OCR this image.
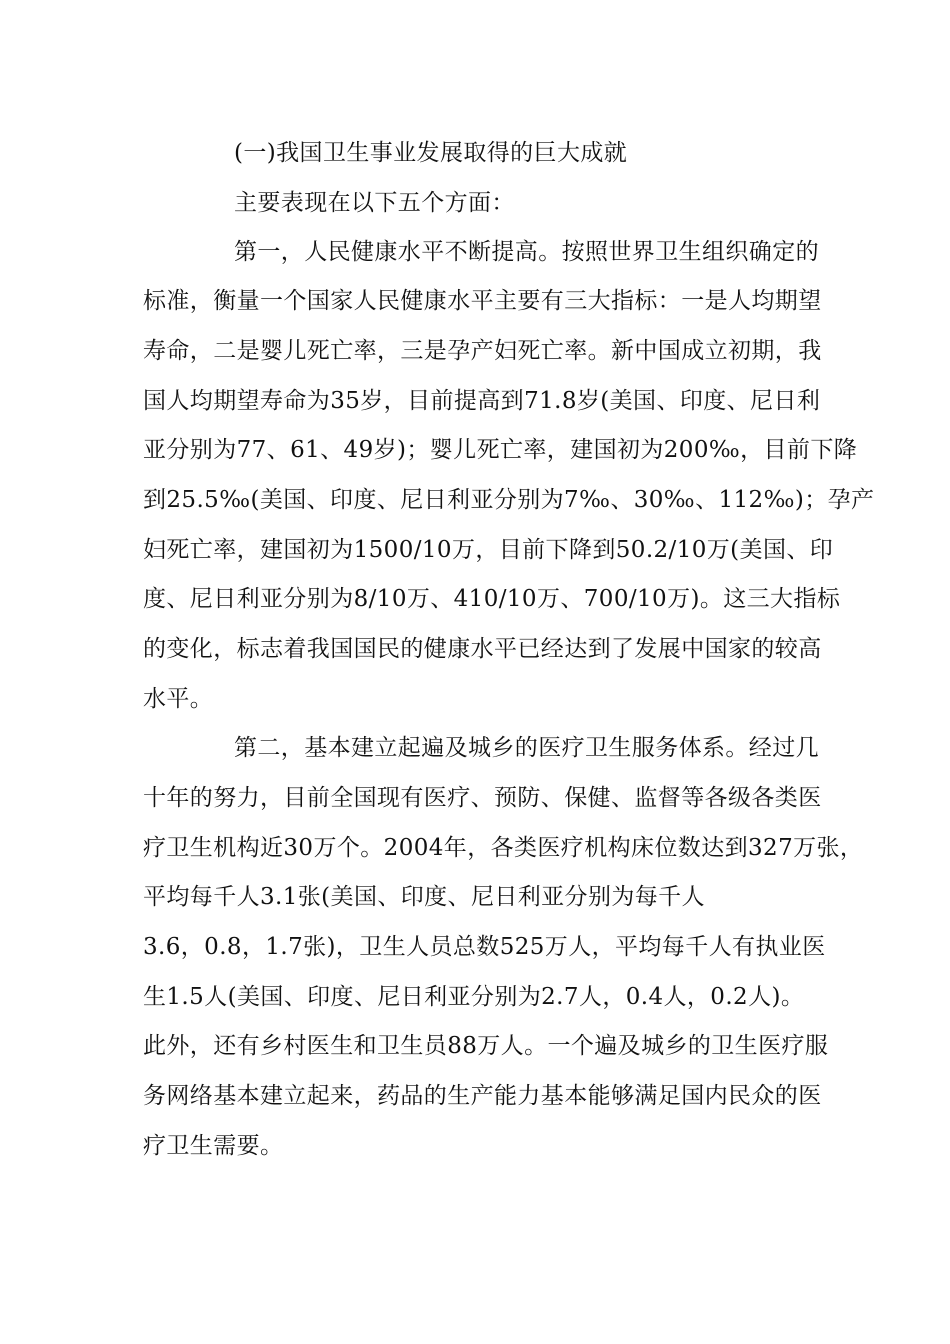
(一)我国卫生事业发展取得的巨大成就
主要表现在以下五个方面：
第一，人民健康水平不断提高。按照世界卫生组织确定的
标准，衡量一个国家人民健康水平主要有三大指标：一是人均期望
寿命，二是婴儿死亡率，三是孕产妇死亡率。新中国成立初期，我
国人均期望寿命为35岁，目前提高到71.8岁(美国、印度、尼日利
亚分别为77、61、49岁)；婴儿死亡率，建国初为200‰，目前下降
到25.5‰(美国、印度、尼日利亚分别为7‰、30‰、112‰)；孕产
妇死亡率，建国初为1500/10万，目前下降到50.2/10万(美国、印
度、尼日利亚分别为8/10万、410/10万、700/10万)。这三大指标
的变化，标志着我国国民的健康水平已经达到了发展中国家的较高
水平。
第二，基本建立起遍及城乡的医疗卫生服务体系。经过几
十年的努力，目前全国现有医疗、预防、保健、监督等各级各类医
疗卫生机构近30万个。2004年，各类医疗机构床位数达到327万张，
平均每千人3.1张(美国、印度、尼日利亚分别为每千人
3.6，0.8，1.7张)，卫生人员总数525万人，平均每千人有执业医
生1.5人(美国、印度、尼日利亚分别为2.7人，0.4人，0.2人)。
此外，还有乡村医生和卫生员88万人。一个遍及城乡的卫生医疗服
务网络基本建立起来，药品的生产能力基本能够满足国内民众的医
疗卫生需要。
